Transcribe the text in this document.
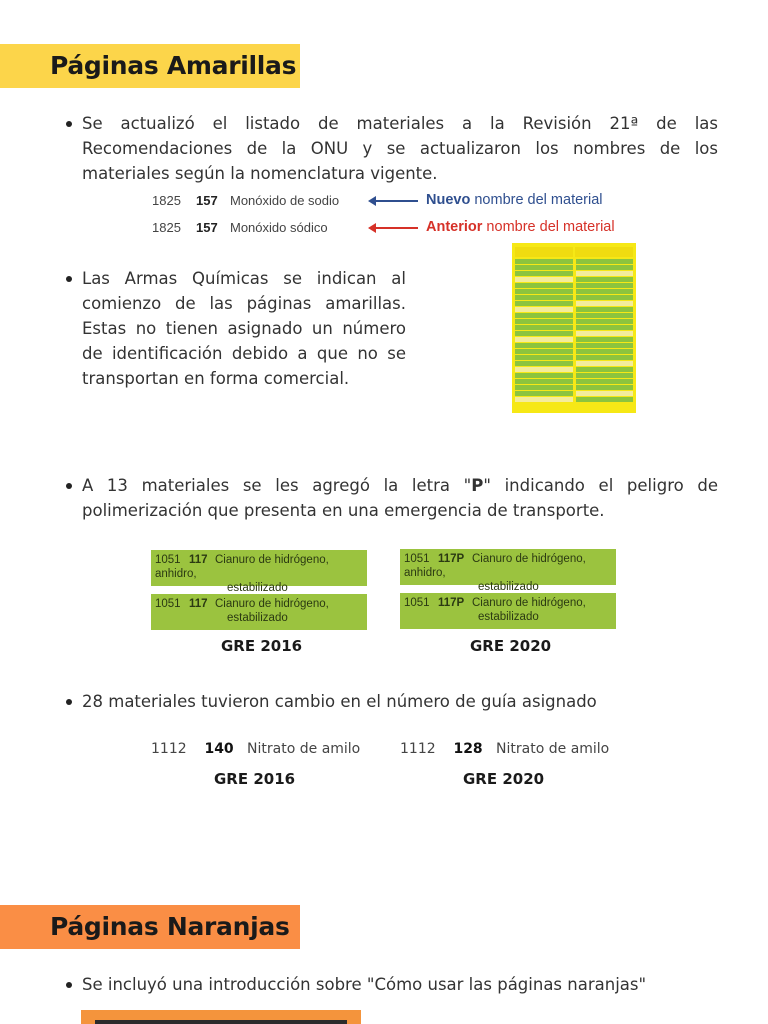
Páginas Amarillas

Se actualizó el listado de materiales a la Revisión 21ª de las Recomendaciones de la ONU y se actualizaron los nombres de los materiales según la nomenclatura vigente.

1825 157 Monóxido de sodio
1825 157 Monóxido sódico
Nuevo nombre del material
Anterior nombre del material

Las Armas Químicas se indican al comienzo de las páginas amarillas. Estas no tienen asignado un número de identificación debido a que no se transportan en forma comercial.

A 13 materiales se les agregó la letra "P" indicando el peligro de polimerización que presenta en una emergencia de transporte.

1051 117 Cianuro de hidrógeno, anhidro,
estabilizado
1051 117 Cianuro de hidrógeno,
estabilizado
1051 117P Cianuro de hidrógeno, anhidro,
estabilizado
1051 117P Cianuro de hidrógeno,
estabilizado
GRE 2016	GRE 2020

28 materiales tuvieron cambio en el número de guía asignado

1112 140 Nitrato de amilo	1112 128 Nitrato de amilo
GRE 2016	GRE 2020
Páginas Naranjas

Se incluyó una introducción sobre "Cómo usar las páginas naranjas"
